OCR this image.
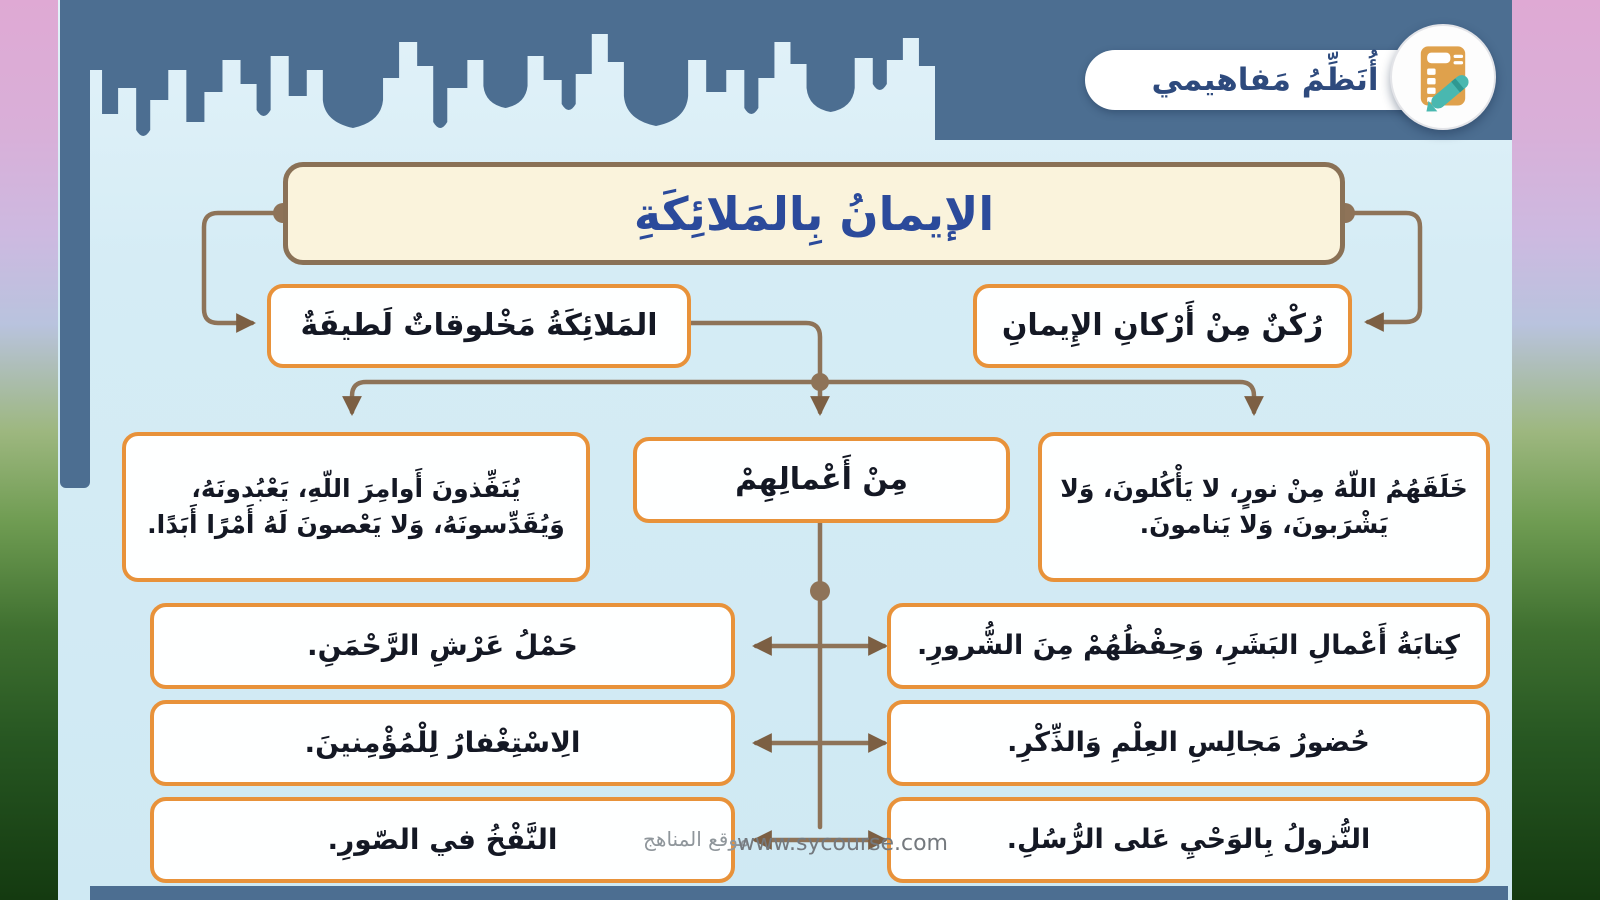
أُنَظِّمُ مَفاهيمي
الإيمانُ بِالمَلائِكَةِ
المَلائِكَةُ مَخْلوقاتٌ لَطيفَةٌ	رُكْنٌ مِنْ أَرْكانِ الإِيمانِ
يُنَفِّذونَ أَوامِرَ اللّهِ، يَعْبُدونَهُ، وَيُقَدِّسونَهُ، وَلا يَعْصونَ لَهُ أَمْرًا أَبَدًا.
مِنْ أَعْمالِهِمْ	خَلَقَهُمُ اللّهُ مِنْ نورٍ، لا يَأْكُلونَ، وَلا يَشْرَبونَ، وَلا يَنامونَ.
حَمْلُ عَرْشِ الرَّحْمَنِ.
الِاسْتِغْفارُ لِلْمُؤْمِنينَ.
النَّفْخُ في الصّورِ.
كِتابَةُ أَعْمالِ البَشَرِ، وَحِفْظُهُمْ مِنَ الشُّرورِ.
حُضورُ مَجالِسِ العِلْمِ وَالذِّكْرِ.
النُّزولُ بِالوَحْيِ عَلى الرُّسُلِ.
موقع المناهج
www.sycourse.com
